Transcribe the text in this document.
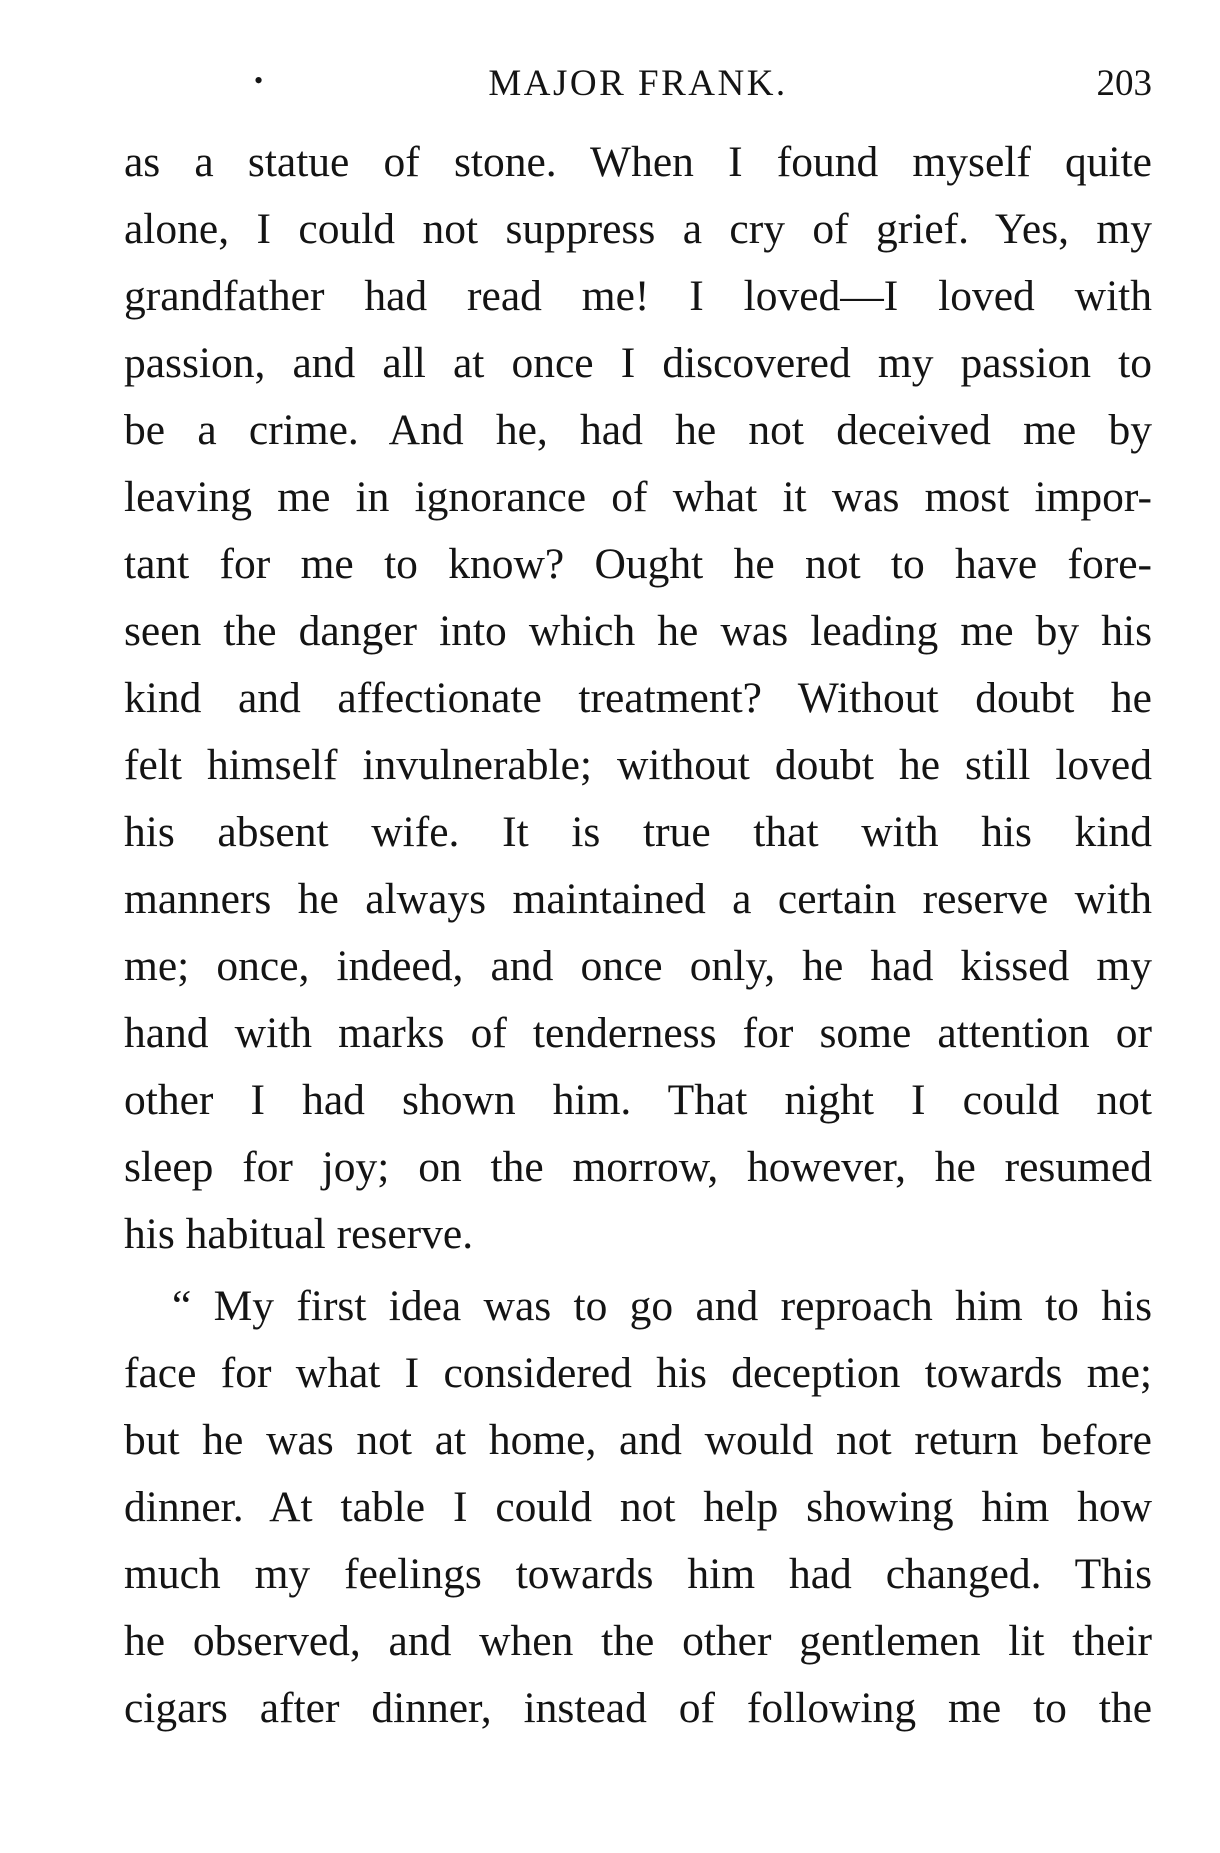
•	MAJOR FRANK.	203

as a statue of stone. When I found myself quite
alone, I could not suppress a cry of grief. Yes, my
grandfather had read me! I loved—I loved with
passion, and all at once I discovered my passion to
be a crime. And he, had he not deceived me by
leaving me in ignorance of what it was most impor-
tant for me to know? Ought he not to have fore-
seen the danger into which he was leading me by his
kind and affectionate treatment? Without doubt he
felt himself invulnerable; without doubt he still loved
his absent wife. It is true that with his kind
manners he always maintained a certain reserve with
me; once, indeed, and once only, he had kissed my
hand with marks of tenderness for some attention or
other I had shown him. That night I could not
sleep for joy; on the morrow, however, he resumed
his habitual reserve.

“ My first idea was to go and reproach him to his
face for what I considered his deception towards me;
but he was not at home, and would not return before
dinner. At table I could not help showing him how
much my feelings towards him had changed. This
he observed, and when the other gentlemen lit their
cigars after dinner, instead of following me to the
